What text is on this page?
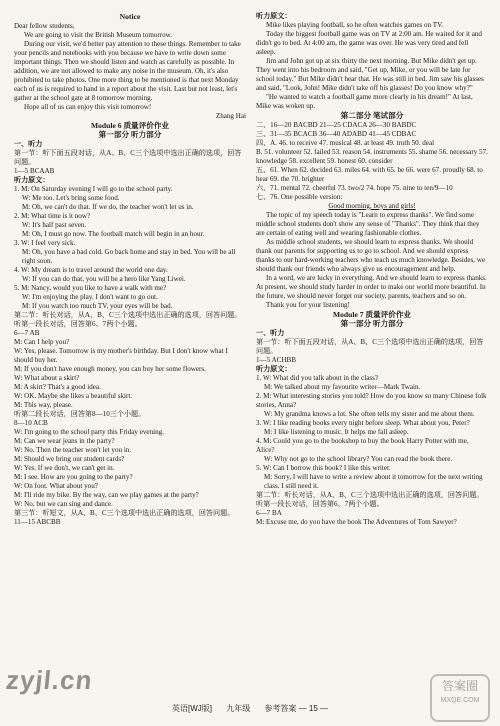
Notice
Dear fellow students,
We are going to visit the British Museum tomorrow.
During our visit, we'd better pay attention to these things. Remember to take your pencils and notebooks with you because we have to write down some important things. Then we should listen and watch as carefully as possible. In addition, we are not allowed to make any noise in the museum. Oh, it's also prohibited to take photos. One more thing to be mentioned is that next Monday each of us is required to hand in a report about the visit. Last but not least, let's gather at the school gate at 8 tomorrow morning.
Hope all of us can enjoy this visit tomorrow!
Zhang Hai
Module 6 质量评价作业
第一部分 听力部分
一、听力
第一节：听下面五段对话，从A、B、C三个选项中选出正确的选项，回答问题。
1—5 BCAAB
听力原文：
1. M: On Saturday evening I will go to the school party.
W: Me too. Let's bring some food.
M: Oh, we can't do that. If we do, the teacher won't let us in.
2. M: What time is it now?
W: It's half past seven.
M: Oh, I must go now. The football match will begin in an hour.
3. W: I feel very sick.
M: Oh, you have a bad cold. Go back home and stay in bed. You will be all right soon.
4. W: My dream is to travel around the world one day.
W: If you can do that, you will be a hero like Yang Liwei.
5. M: Nancy, would you like to have a walk with me?
W: I'm enjoying the play. I don't want to go out.
M: If you watch too much TV, your eyes will be bad.
第二节：听长对话，从A、B、C三个选项中选出正确的选项，回答问题。听第一段长对话，回答第6、7两个小题。
6—7 AB
M: Can I help you?
W: Yes, please. Tomorrow is my mother's birthday. But I don't know what I should buy her.
M: If you don't have enough money, you can buy her some flowers.
W: What about a skirt?
M: A skirt? That's a good idea.
W: OK. Maybe she likes a beautiful skirt.
M: This way, please.
听第二段长对话，回答第8—10三个小题。
8—10 ACB
W: I'm going to the school party this Friday evening.
M: Can we wear jeans in the party?
W: No. Then the teacher won't let you in.
M: Should we bring our student cards?
W: Yes. If we don't, we can't get in.
M: I see. How are you going to the party?
W: On foot. What about you?
M: I'll ride my bike. By the way, can we play games at the party?
W: No, but we can sing and dance.
第三节：听短文，从A、B、C三个选项中选出正确的选项，回答问题。
11—15 ABCBB
听力原文：
Mike likes playing football, so he often watches games on TV.
Today the biggest football game was on TV at 2:00 am. He waited for it and didn't go to bed. At 4:00 am, the game was over. He was very tired and fell asleep.
Jim and John got up at six thirty the next morning. But Mike didn't get up. They went into his bedroom and said, "Get up, Mike, or you will be late for school today." But Mike didn't hear that. He was still in bed. Jim saw his glasses and said, "Look, John! Mike didn't take off his glasses! Do you know why?"
"He wanted to watch a football game more clearly in his dream!" At last, Mike was woken up.
第二部分 笔试部分
二、16—20 BACBD 21—25 CDACA 26—30 BABDC
三、31—35 BCACB 36—40 ADABD 41—45 CDBAC
四、A. 46. to receive 47. musical 48. at least 49. truth 50. deal
B. 51. volunteer 52. failed 53. reason 54. instruments 55. shame 56. necessary 57. knowledge 58. excellent 59. honest 60. consider
五、61. When 62. decided 63. miles 64. with 65. be 66. were 67. proudly 68. to hear 69. the 70. brighter
六、71. mental 72. cheerful 73. two/2 74. hope 75. nine to ten/9—10
七、76. One possible version:
Good morning, boys and girls!
The topic of my speech today is "Learn to express thanks". We find some middle school students don't show any sense of "Thanks". They think that they are certain of eating well and wearing fashionable clothes.
As middle school students, we should learn to express thanks. We should thank our parents for supporting us to go to school. And we should express thanks to our hard-working teachers who teach us much knowledge. Besides, we should thank our friends who always give us encouragement and help.
In a word, we are lucky in everything. And we should learn to express thanks. At present, we should study harder in order to make our world more beautiful. In the future, we should never forget our society, parents, teachers and so on.
Thank you for your listening!
Module 7 质量评价作业
第一部分 听力部分
一、听力
第一节：听下面五段对话，从A、B、C三个选项中选出正确的选项，回答问题。
1—5 ACHBB
听力原文：
1. W: What did you talk about in the class?
M: We talked about my favourite writer—Mark Twain.
2. M: What interesting stories you told? How do you know so many Chinese folk stories, Anna?
W: My grandma knows a lot. She often tells my sister and me about them.
3. W: I like reading books every night before sleep. What about you, Peter?
M: I like listening to music. It helps me fall asleep.
4. M: Could you go to the bookshop to buy the book Harry Potter with me, Alice?
W: Why not go to the school library? You can read the book there.
5. W: Can I borrow this book? I like this writer.
M: Sorry, I will have to write a review about it tomorrow for the next writing class. I still need it.
第二节：听长对话，从A、B、C三个选项中选出正确的选项，回答问题。听第一段长对话，回答第6、7两个小题。
6—7 BA
M: Excuse me, do you have the book The Adventures of Tom Sawyer?
英语[WJ版] 九年级 参考答案 — 15 —
zyjl.cn	答案圈
MXQE.COM
